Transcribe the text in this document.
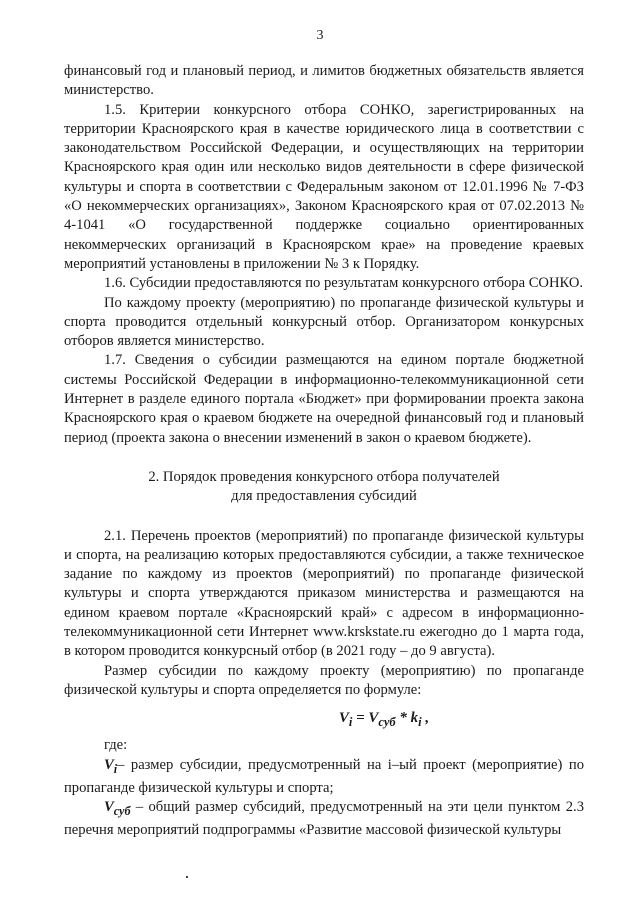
3

финансовый год и плановый период, и лимитов бюджетных обязательств является министерство.

1.5. Критерии конкурсного отбора СОНКО, зарегистрированных на территории Красноярского края в качестве юридического лица в соответствии с законодательством Российской Федерации, и осуществляющих на территории Красноярского края один или несколько видов деятельности в сфере физической культуры и спорта в соответствии с Федеральным законом от 12.01.1996 № 7-ФЗ «О некоммерческих организациях», Законом Красноярского края от 07.02.2013 № 4-1041 «О государственной поддержке социально ориентированных некоммерческих организаций в Красноярском крае» на проведение краевых мероприятий установлены в приложении № 3 к Порядку.

1.6. Субсидии предоставляются по результатам конкурсного отбора СОНКО.

По каждому проекту (мероприятию) по пропаганде физической культуры и спорта проводится отдельный конкурсный отбор. Организатором конкурсных отборов является министерство.

1.7. Сведения о субсидии размещаются на едином портале бюджетной системы Российской Федерации в информационно-телекоммуникационной сети Интернет в разделе единого портала «Бюджет» при формировании проекта закона Красноярского края о краевом бюджете на очередной финансовый год и плановый период (проекта закона о внесении изменений в закон о краевом бюджете).

2. Порядок проведения конкурсного отбора получателей

для предоставления субсидий

2.1. Перечень проектов (мероприятий) по пропаганде физической культуры и спорта, на реализацию которых предоставляются субсидии, а также техническое задание по каждому из проектов (мероприятий) по пропаганде физической культуры и спорта утверждаются приказом министерства и размещаются на едином краевом портале «Красноярский край» с адресом в информационно-телекоммуникационной сети Интернет www.krskstate.ru ежегодно до 1 марта года, в котором проводится конкурсный отбор (в 2021 году – до 9 августа).

Размер субсидии по каждому проекту (мероприятию) по пропаганде физической культуры и спорта определяется по формуле:

$V_i = V_{суб} * k_i$ ,

где:

$V_i-$ размер субсидии, предусмотренный на i–ый проект (мероприятие) по пропаганде физической культуры и спорта;

$V_{суб}$ – общий размер субсидий, предусмотренный на эти цели пунктом 2.3 перечня мероприятий подпрограммы «Развитие массовой физической культуры
